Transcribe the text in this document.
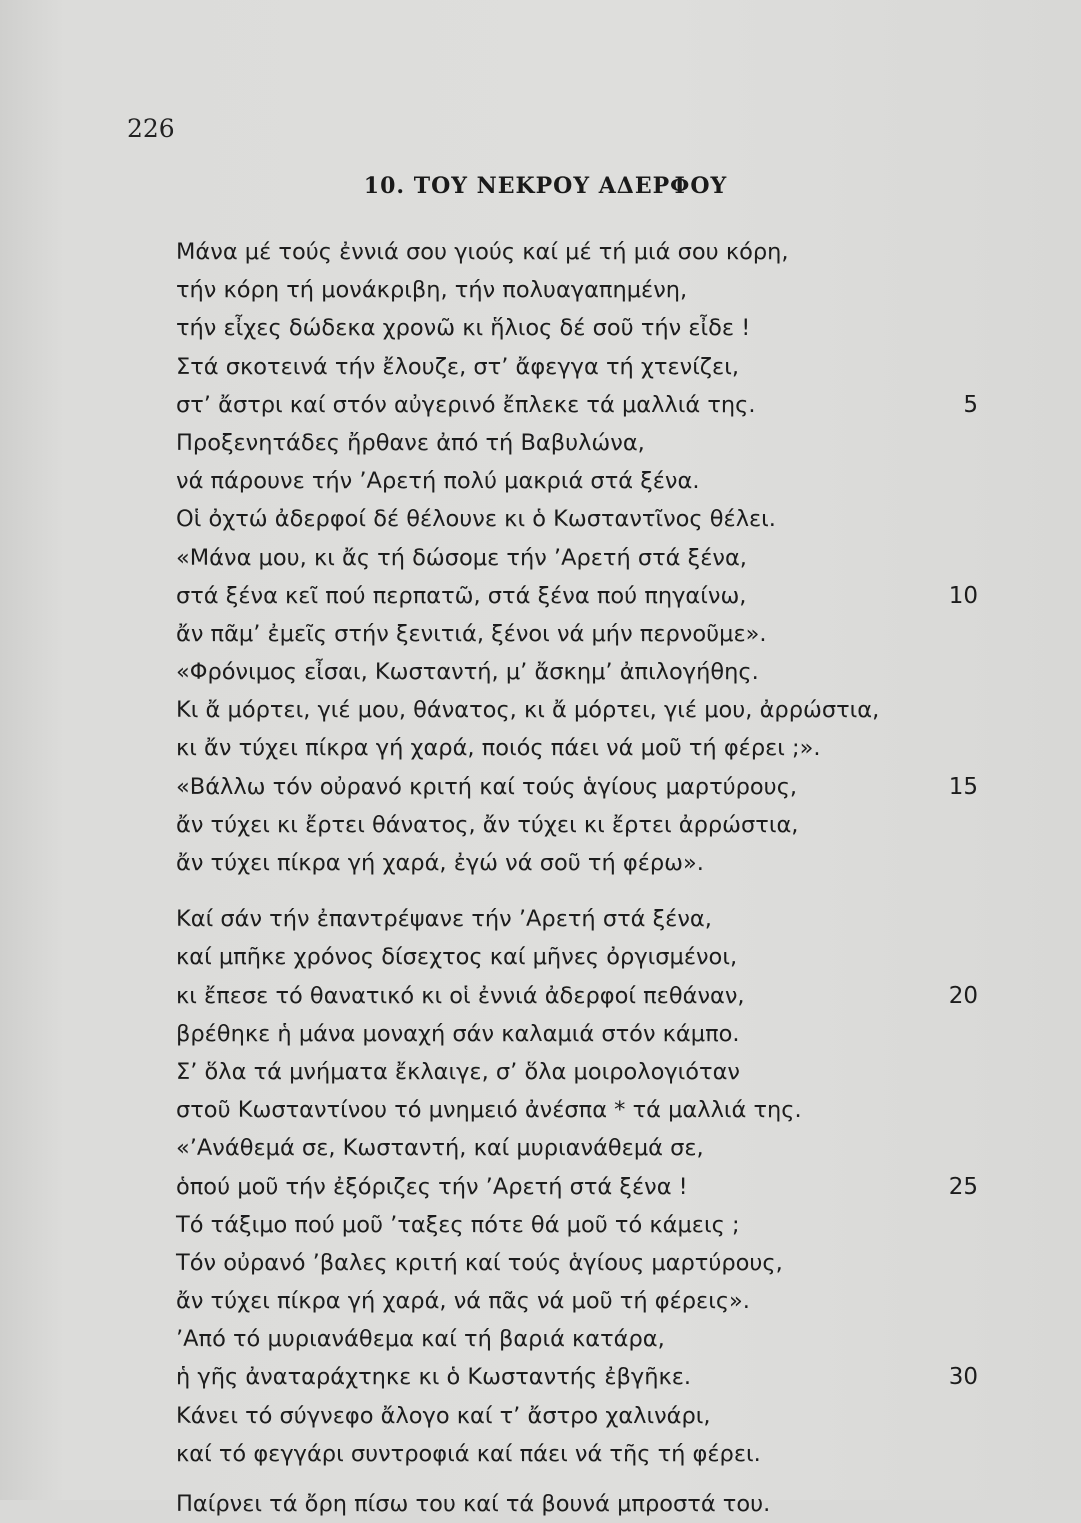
226
10. ΤΟΥ ΝΕΚΡΟΥ ΑΔΕΡΦΟΥ
Μάνα μέ τούς ἐννιά σου γιούς καί μέ τή μιά σου κόρη,
τήν κόρη τή μονάκριβη, τήν πολυαγαπημένη,
τήν εἶχες δώδεκα χρονῶ κι ἥλιος δέ σοῦ τήν εἶδε !
Στά σκοτεινά τήν ἔλουζε, στ’ ἄφεγγα τή χτενίζει,
στ’ ἄστρι καί στόν αὐγερινό ἔπλεκε τά μαλλιά της.	5
Προξενητάδες ἤρθανε ἀπό τή Βαβυλώνα,
νά πάρουνε τήν ’Αρετή πολύ μακριά στά ξένα.
Οἱ ὀχτώ ἀδερφοί δέ θέλουνε κι ὁ Κωσταντῖνος θέλει.
«Μάνα μου, κι ἄς τή δώσομε τήν ’Αρετή στά ξένα,
στά ξένα κεῖ πού περπατῶ, στά ξένα πού πηγαίνω,	10
ἄν πᾶμ’ ἐμεῖς στήν ξενιτιά, ξένοι νά μήν περνοῦμε».
«Φρόνιμος εἶσαι, Κωσταντή, μ’ ἄσκημ’ ἀπιλογήθης.
Κι ἄ μόρτει, γιέ μου, θάνατος, κι ἄ μόρτει, γιέ μου, ἀρρώστια,
κι ἄν τύχει πίκρα γή χαρά, ποιός πάει νά μοῦ τή φέρει ;».
«Βάλλω τόν οὐρανό κριτή καί τούς ἁγίους μαρτύρους,	15
ἄν τύχει κι ἔρτει θάνατος, ἄν τύχει κι ἔρτει ἀρρώστια,
ἄν τύχει πίκρα γή χαρά, ἐγώ νά σοῦ τή φέρω».
Καί σάν τήν ἐπαντρέψανε τήν ’Αρετή στά ξένα,
καί μπῆκε χρόνος δίσεχτος καί μῆνες ὀργισμένοι,
κι ἔπεσε τό θανατικό κι οἱ ἐννιά ἀδερφοί πεθάναν,	20
βρέθηκε ἡ μάνα μοναχή σάν καλαμιά στόν κάμπο.
Σ’ ὅλα τά μνήματα ἔκλαιγε, σ’ ὅλα μοιρολογιόταν
στοῦ Κωσταντίνου τό μνημειό ἀνέσπα * τά μαλλιά της.
«’Ανάθεμά σε, Κωσταντή, καί μυριανάθεμά σε,
ὁπού μοῦ τήν ἐξόριζες τήν ’Αρετή στά ξένα !	25
Τό τάξιμο πού μοῦ ’ταξες πότε θά μοῦ τό κάμεις ;
Τόν οὐρανό ’βαλες κριτή καί τούς ἁγίους μαρτύρους,
ἄν τύχει πίκρα γή χαρά, νά πᾶς νά μοῦ τή φέρεις».
’Από τό μυριανάθεμα καί τή βαριά κατάρα,
ἡ γῆς ἀναταράχτηκε κι ὁ Κωσταντής ἐβγῆκε.	30
Κάνει τό σύγνεφο ἄλογο καί τ’ ἄστρο χαλινάρι,
καί τό φεγγάρι συντροφιά καί πάει νά τῆς τή φέρει.
Παίρνει τά ὄρη πίσω του καί τά βουνά μπροστά του.
